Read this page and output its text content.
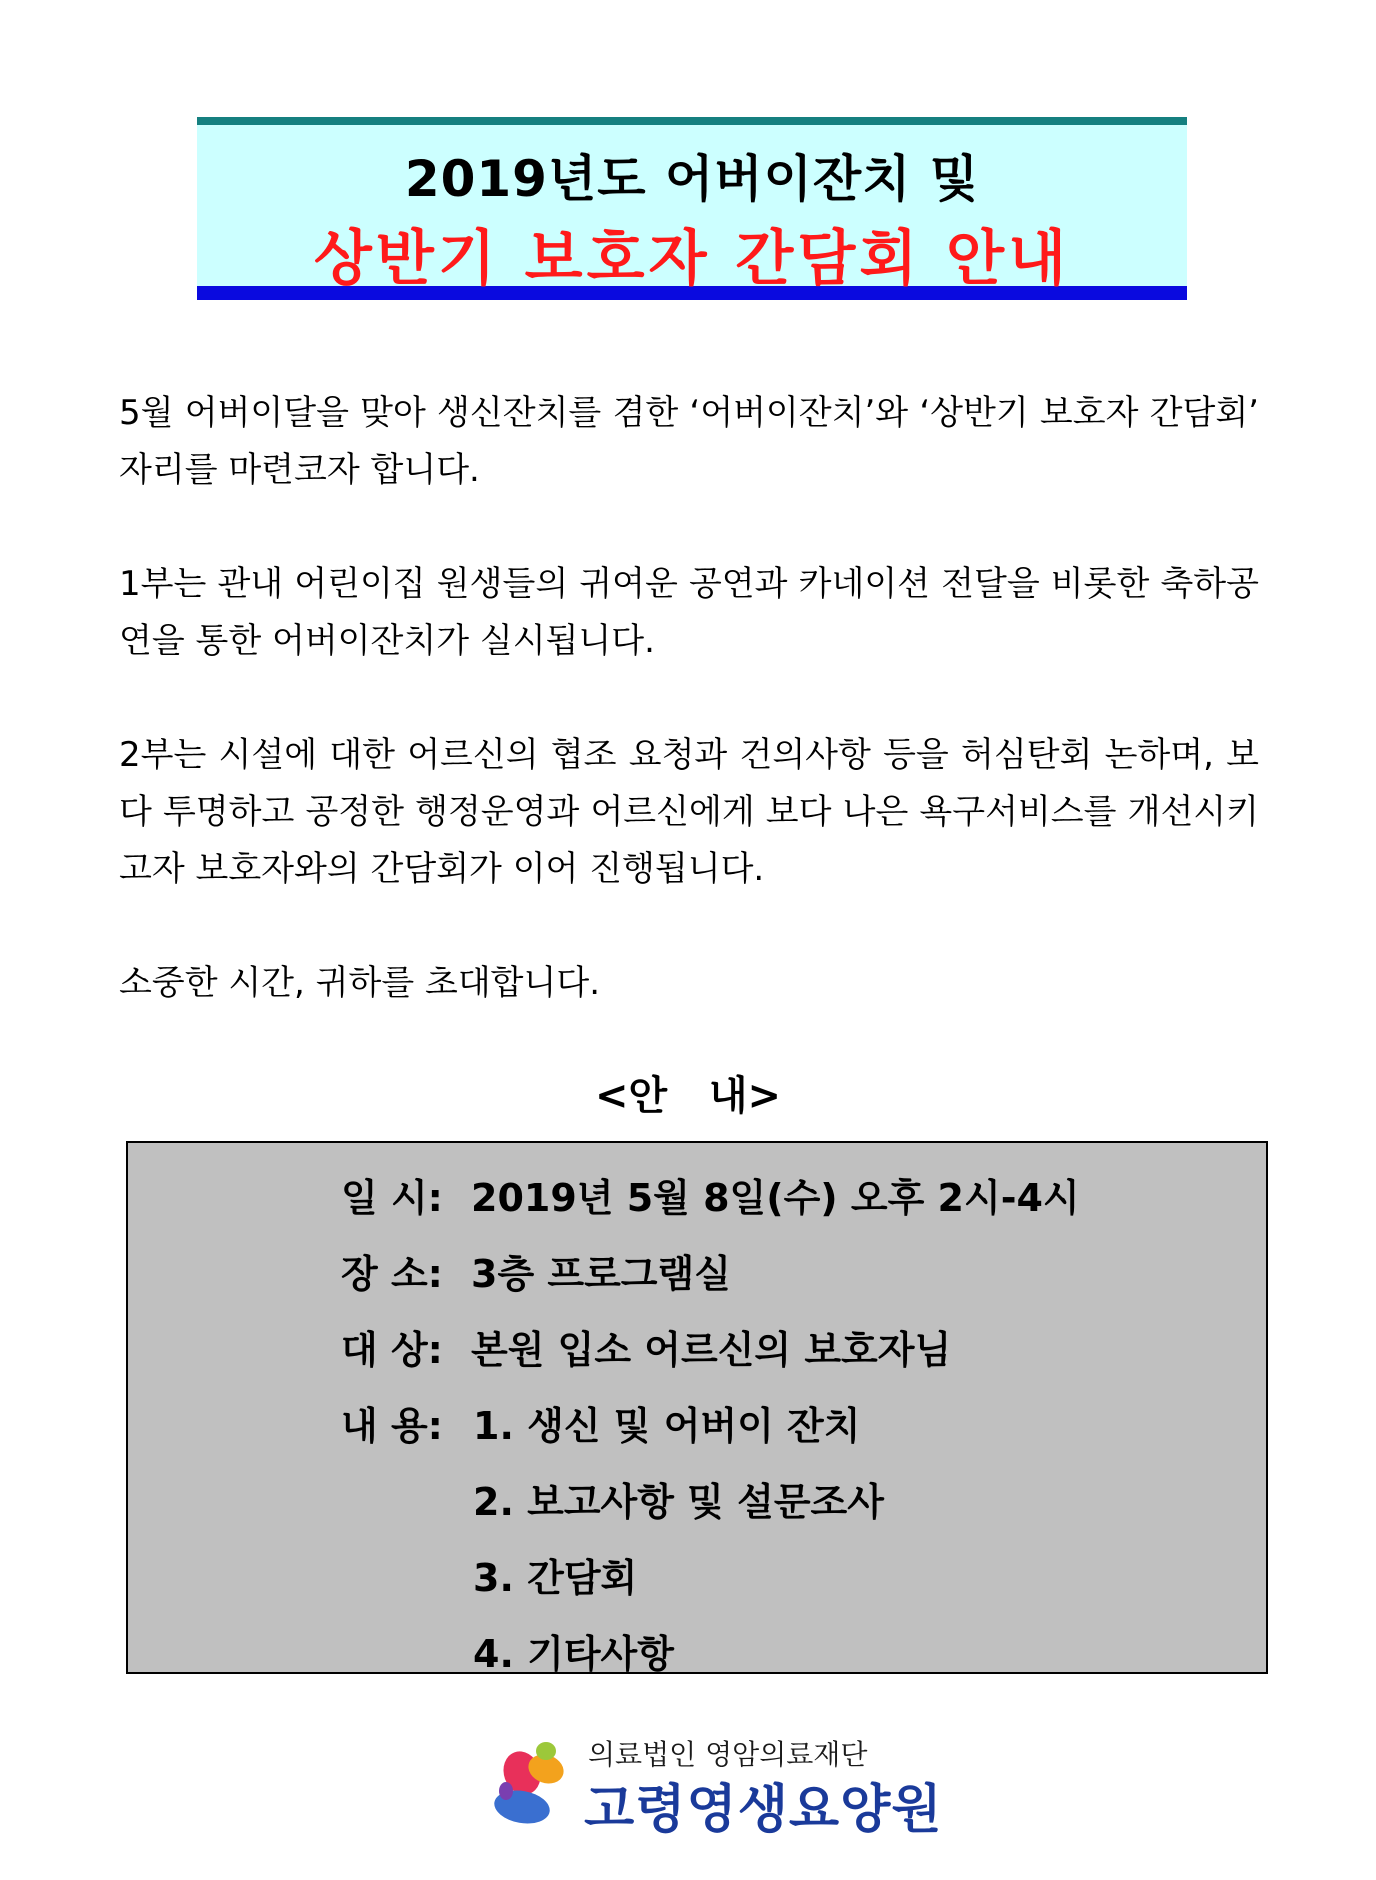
2019년도 어버이잔치 및
상반기 보호자 간담회 안내

5월 어버이달을 맞아 생신잔치를 겸한 ‘어버이잔치’와 ‘상반기 보호자 간담회’ 자리를 마련코자 합니다.

1부는 관내 어린이집 원생들의 귀여운 공연과 카네이션 전달을 비롯한 축하공연을 통한 어버이잔치가 실시됩니다.

2부는 시설에 대한 어르신의 협조 요청과 건의사항 등을 허심탄회 논하며, 보다 투명하고 공정한 행정운영과 어르신에게 보다 나은 욕구서비스를 개선시키고자 보호자와의 간담회가 이어 진행됩니다.

소중한 시간, 귀하를 초대합니다.

<안   내>
일 시: 2019년 5월 8일(수) 오후 2시-4시
장 소: 3층 프로그램실
대 상: 본원 입소 어르신의 보호자님
내 용: 1. 생신 및 어버이 잔치
2. 보고사항 및 설문조사
3. 간담회
4. 기타사항
의료법인 영암의료재단
고령영생요양원
